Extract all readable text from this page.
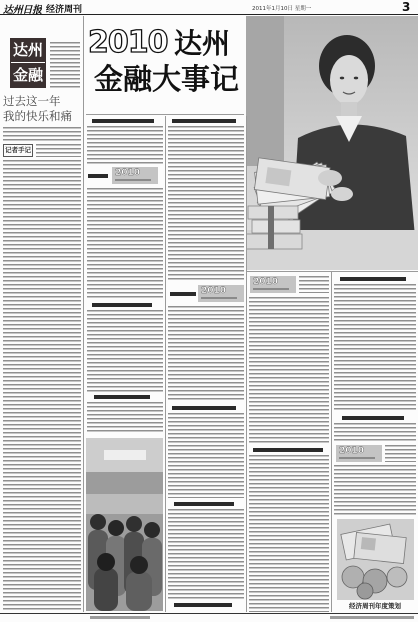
达州日报 经济周刊	2011年1月10日 星期一	3
达州
金融
过去这一年
我的快乐和痛
记者手记
2010 达州
金融大事记
2010
2010
2010
2010
经济周刊年度策划
